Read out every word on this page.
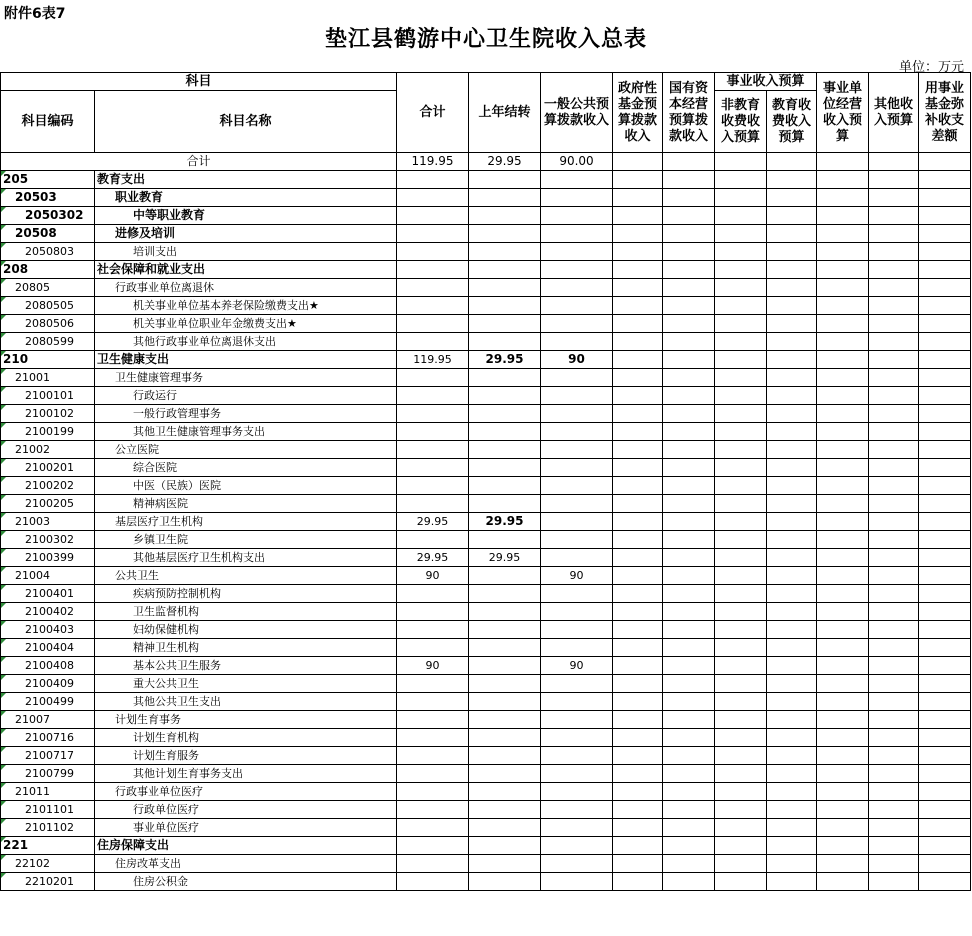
附件6表7
垫江县鹤游中心卫生院收入总表
单位：万元
科目		合计	上年结转	一般公共预算拨款收入	政府性基金预算拨款收入	国有资本经营预算拨款收入	事业收入预算		事业单位经营收入预算	其他收入预算	用事业基金弥补收支差额
科目编码	科目名称						非教育收费收入预算	教育收费收入预算			
合计		119.95	29.95	90.00							
205	教育支出										
20503	职业教育										
2050302	中等职业教育										
20508	进修及培训										
2050803	培训支出										
208	社会保障和就业支出										
20805	行政事业单位离退休										
2080505	机关事业单位基本养老保险缴费支出★										
2080506	机关事业单位职业年金缴费支出★										
2080599	其他行政事业单位离退休支出										
210	卫生健康支出	119.95	29.95	90							
21001	卫生健康管理事务										
2100101	行政运行										
2100102	一般行政管理事务										
2100199	其他卫生健康管理事务支出										
21002	公立医院										
2100201	综合医院										
2100202	中医（民族）医院										
2100205	精神病医院										
21003	基层医疗卫生机构	29.95	29.95								
2100302	乡镇卫生院										
2100399	其他基层医疗卫生机构支出	29.95	29.95								
21004	公共卫生	90		90							
2100401	疾病预防控制机构										
2100402	卫生监督机构										
2100403	妇幼保健机构										
2100404	精神卫生机构										
2100408	基本公共卫生服务	90		90							
2100409	重大公共卫生										
2100499	其他公共卫生支出										
21007	计划生育事务										
2100716	计划生育机构										
2100717	计划生育服务										
2100799	其他计划生育事务支出										
21011	行政事业单位医疗										
2101101	行政单位医疗										
2101102	事业单位医疗										
221	住房保障支出										
22102	住房改革支出										
2210201	住房公积金										
